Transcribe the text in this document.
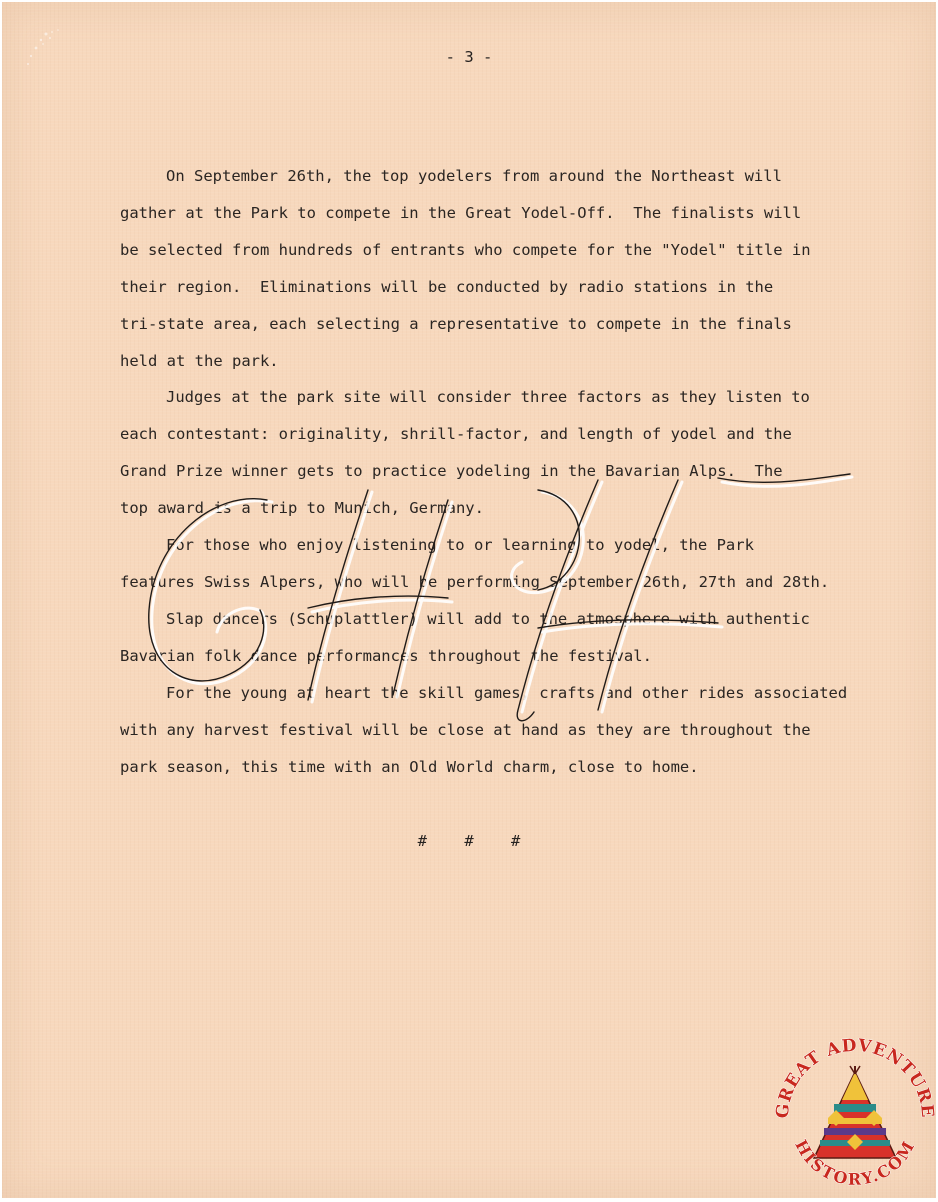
- 3 -
On September 26th, the top yodelers from around the Northeast will
gather at the Park to compete in the Great Yodel-Off.  The finalists will
be selected from hundreds of entrants who compete for the "Yodel" title in
their region.  Eliminations will be conducted by radio stations in the
tri-state area, each selecting a representative to compete in the finals
held at the park.
Judges at the park site will consider three factors as they listen to
each contestant: originality, shrill-factor, and length of yodel and the
Grand Prize winner gets to practice yodeling in the Bavarian Alps.  The
top award is a trip to Munich, Germany.
For those who enjoy listening to or learning to yodel, the Park
features Swiss Alpers, who will be performing September 26th, 27th and 28th.
Slap dancers (Schuplattler) will add to the atmosphere with authentic
Bavarian folk dance performances throughout the festival.
For the young at heart the skill games, crafts and other rides associated
with any harvest festival will be close at hand as they are throughout the
park season, this time with an Old World charm, close to home.
# # #
GREAT ADVENTURE
HISTORY.COM
